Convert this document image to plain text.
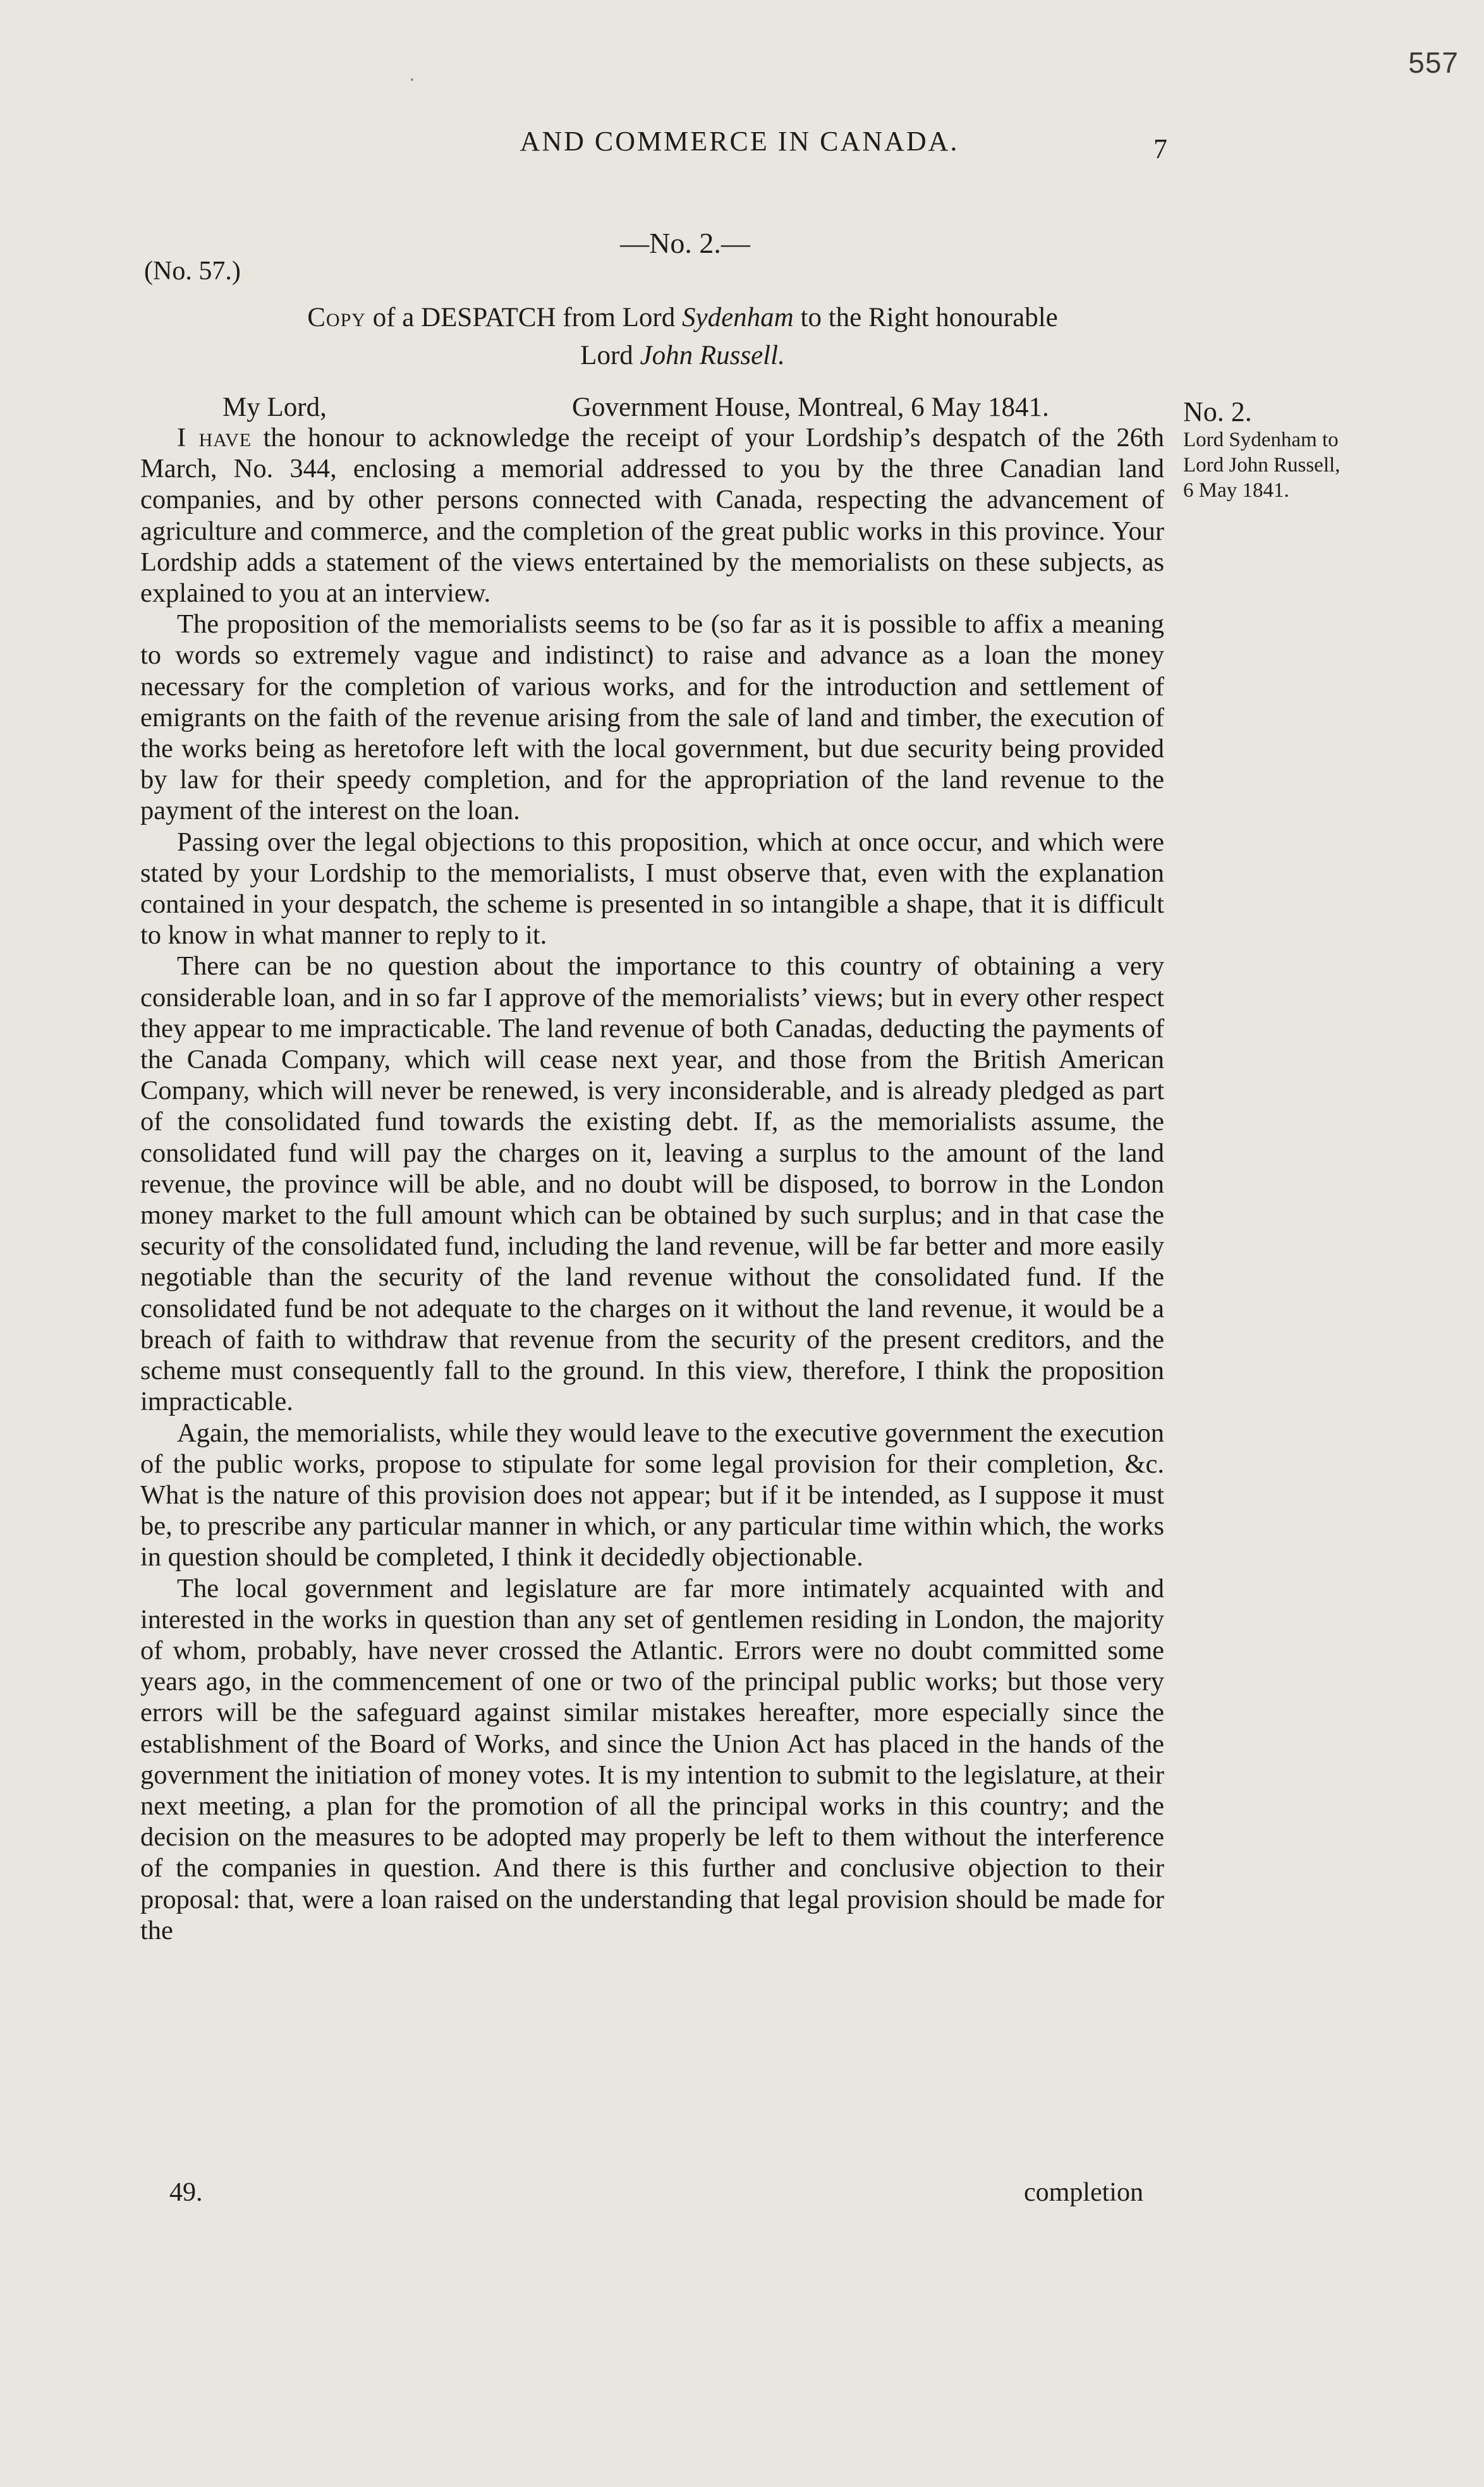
557
AND COMMERCE IN CANADA.	7
—No. 2.—
(No. 57.)
Copy of a DESPATCH from Lord Sydenham to the Right honourable
Lord John Russell.
My Lord,	Government House, Montreal, 6 May 1841.	No. 2.
Lord Sydenham to
Lord John Russell,
6 May 1841.

I have the honour to acknowledge the receipt of your Lordship’s despatch of the 26th March, No. 344, enclosing a memorial addressed to you by the three Canadian land companies, and by other persons connected with Canada, respecting the advancement of agriculture and commerce, and the completion of the great public works in this province. Your Lordship adds a statement of the views entertained by the memorialists on these subjects, as explained to you at an interview.

The proposition of the memorialists seems to be (so far as it is possible to affix a meaning to words so extremely vague and indistinct) to raise and advance as a loan the money necessary for the completion of various works, and for the introduction and settlement of emigrants on the faith of the revenue arising from the sale of land and timber, the execution of the works being as heretofore left with the local government, but due security being provided by law for their speedy completion, and for the appropriation of the land revenue to the payment of the interest on the loan.

Passing over the legal objections to this proposition, which at once occur, and which were stated by your Lordship to the memorialists, I must observe that, even with the explanation contained in your despatch, the scheme is presented in so intangible a shape, that it is difficult to know in what manner to reply to it.

There can be no question about the importance to this country of obtaining a very considerable loan, and in so far I approve of the memorialists’ views; but in every other respect they appear to me impracticable. The land revenue of both Canadas, deducting the payments of the Canada Company, which will cease next year, and those from the British American Company, which will never be renewed, is very inconsiderable, and is already pledged as part of the consolidated fund towards the existing debt. If, as the memorialists assume, the consolidated fund will pay the charges on it, leaving a surplus to the amount of the land revenue, the province will be able, and no doubt will be disposed, to borrow in the London money market to the full amount which can be obtained by such surplus; and in that case the security of the consolidated fund, including the land revenue, will be far better and more easily negotiable than the security of the land revenue without the consolidated fund. If the consolidated fund be not adequate to the charges on it without the land revenue, it would be a breach of faith to withdraw that revenue from the security of the present creditors, and the scheme must consequently fall to the ground. In this view, therefore, I think the proposition impracticable.

Again, the memorialists, while they would leave to the executive government the execution of the public works, propose to stipulate for some legal provision for their completion, &c. What is the nature of this provision does not appear; but if it be intended, as I suppose it must be, to prescribe any particular manner in which, or any particular time within which, the works in question should be completed, I think it decidedly objectionable.

The local government and legislature are far more intimately acquainted with and interested in the works in question than any set of gentlemen residing in London, the majority of whom, probably, have never crossed the Atlantic. Errors were no doubt committed some years ago, in the commencement of one or two of the principal public works; but those very errors will be the safeguard against similar mistakes hereafter, more especially since the establishment of the Board of Works, and since the Union Act has placed in the hands of the government the initiation of money votes. It is my intention to submit to the legislature, at their next meeting, a plan for the promotion of all the principal works in this country; and the decision on the measures to be adopted may properly be left to them without the interference of the companies in question. And there is this further and conclusive objection to their proposal: that, were a loan raised on the understanding that legal provision should be made for the

49.	completion
